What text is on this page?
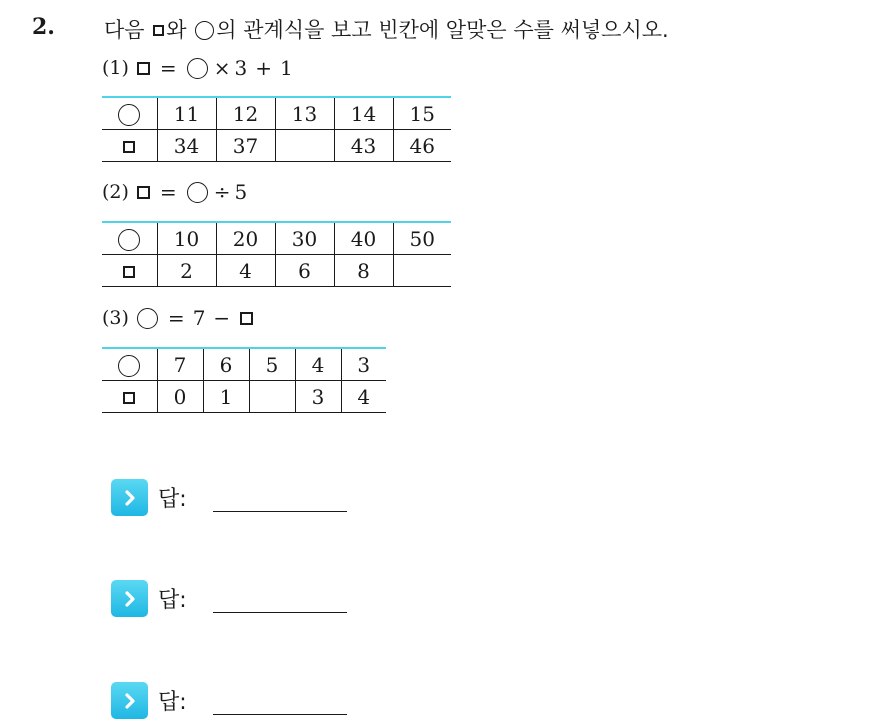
2. 다음 와 의 관계식을 보고 빈칸에 알맞은 수를 써넣으시오.
(1) = × 3 + 1
	11	12	13	14	15
	34	37		43	46
(2) = ÷ 5
	10	20	30	40	50
	2	4	6	8	
(3) = 7 −
	7	6	5	4	3
	0	1		3	4
답:
답:
답:
